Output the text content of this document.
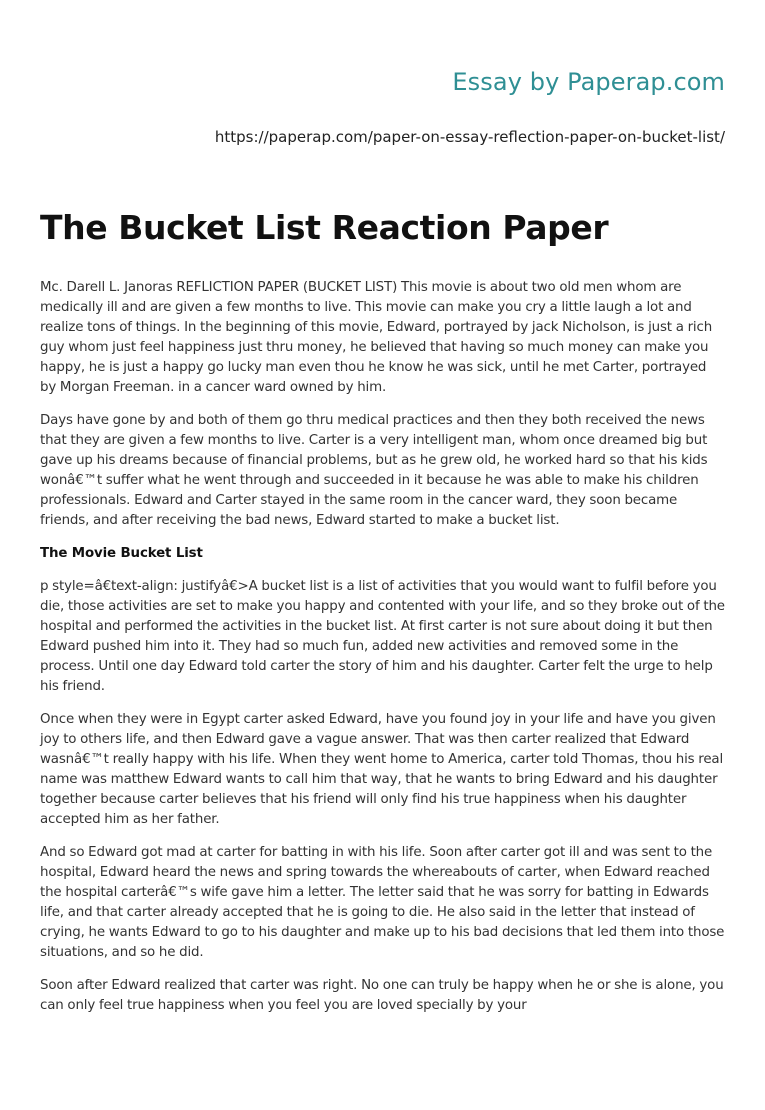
Essay by Paperap.com
https://paperap.com/paper-on-essay-reflection-paper-on-bucket-list/
The Bucket List Reaction Paper

Mc. Darell L. Janoras REFLICTION PAPER (BUCKET LIST) This movie is about two old men whom are medically ill and are given a few months to live. This movie can make you cry a little laugh a lot and realize tons of things. In the beginning of this movie, Edward, portrayed by jack Nicholson, is just a rich guy whom just feel happiness just thru money, he believed that having so much money can make you happy, he is just a happy go lucky man even thou he know he was sick, until he met Carter, portrayed by Morgan Freeman. in a cancer ward owned by him.

Days have gone by and both of them go thru medical practices and then they both received the news that they are given a few months to live. Carter is a very intelligent man, whom once dreamed big but gave up his dreams because of financial problems, but as he grew old, he worked hard so that his kids wonâ€™t suffer what he went through and succeeded in it because he was able to make his children professionals. Edward and Carter stayed in the same room in the cancer ward, they soon became friends, and after receiving the bad news, Edward started to make a bucket list.

The Movie Bucket List

p style=â€text-align: justifyâ€>A bucket list is a list of activities that you would want to fulfil before you die, those activities are set to make you happy and contented with your life, and so they broke out of the hospital and performed the activities in the bucket list. At first carter is not sure about doing it but then Edward pushed him into it. They had so much fun, added new activities and removed some in the process. Until one day Edward told carter the story of him and his daughter. Carter felt the urge to help his friend.

Once when they were in Egypt carter asked Edward, have you found joy in your life and have you given joy to others life, and then Edward gave a vague answer. That was then carter realized that Edward wasnâ€™t really happy with his life. When they went home to America, carter told Thomas, thou his real name was matthew Edward wants to call him that way, that he wants to bring Edward and his daughter together because carter believes that his friend will only find his true happiness when his daughter accepted him as her father.

And so Edward got mad at carter for batting in with his life. Soon after carter got ill and was sent to the hospital, Edward heard the news and spring towards the whereabouts of carter, when Edward reached the hospital carterâ€™s wife gave him a letter. The letter said that he was sorry for batting in Edwards life, and that carter already accepted that he is going to die. He also said in the letter that instead of crying, he wants Edward to go to his daughter and make up to his bad decisions that led them into those situations, and so he did.

Soon after Edward realized that carter was right. No one can truly be happy when he or she is alone, you can only feel true happiness when you feel you are loved specially by your
